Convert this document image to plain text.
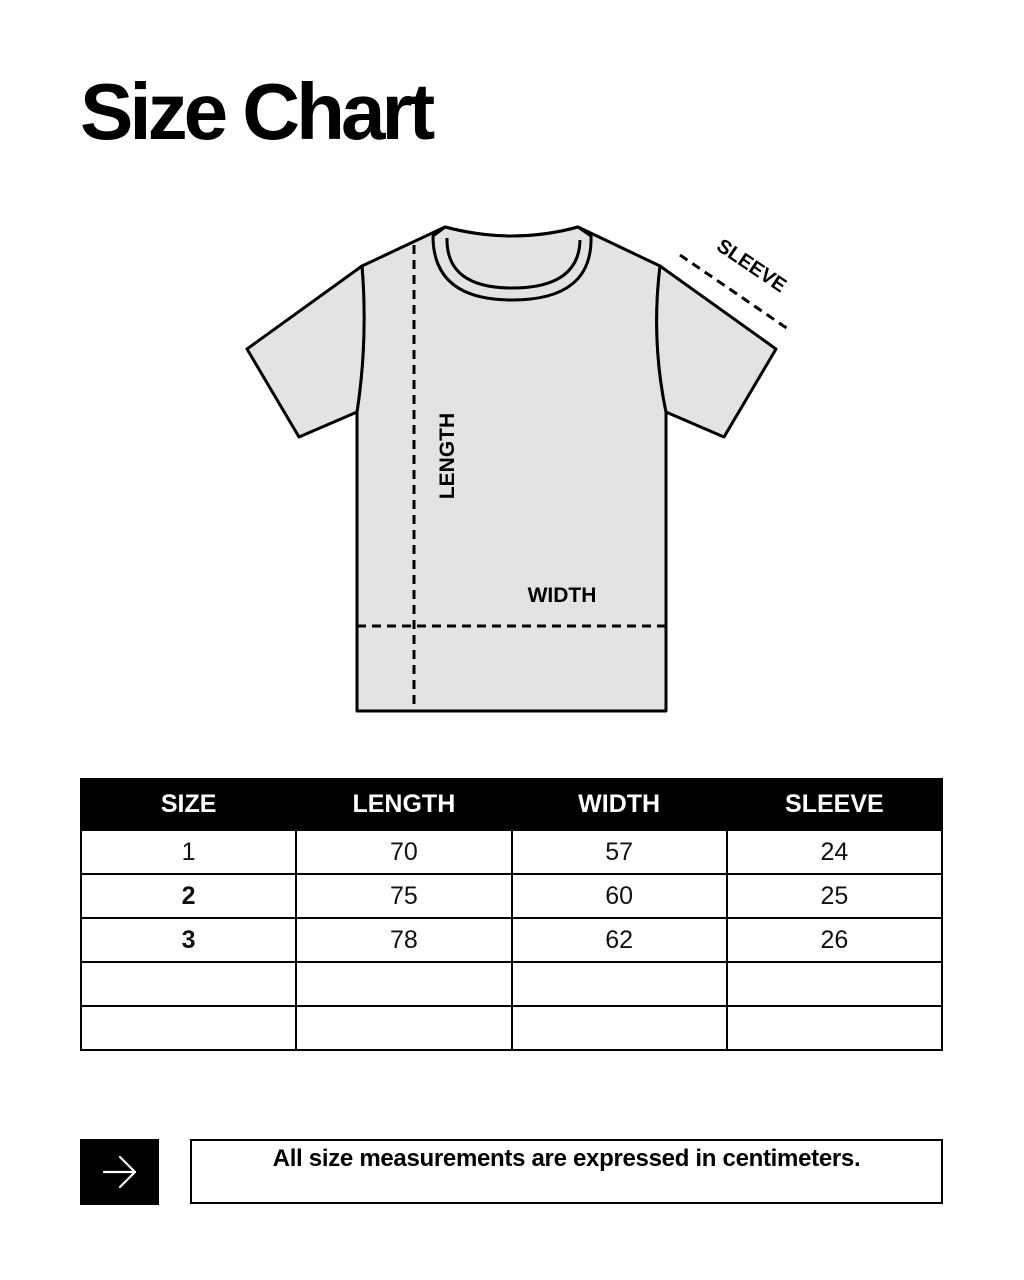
Size Chart
LENGTH
WIDTH
SLEEVE
SIZE	LENGTH	WIDTH	SLEEVE
1	70	57	24
2	75	60	25
3	78	62	26

All size measurements are expressed in centimeters.
